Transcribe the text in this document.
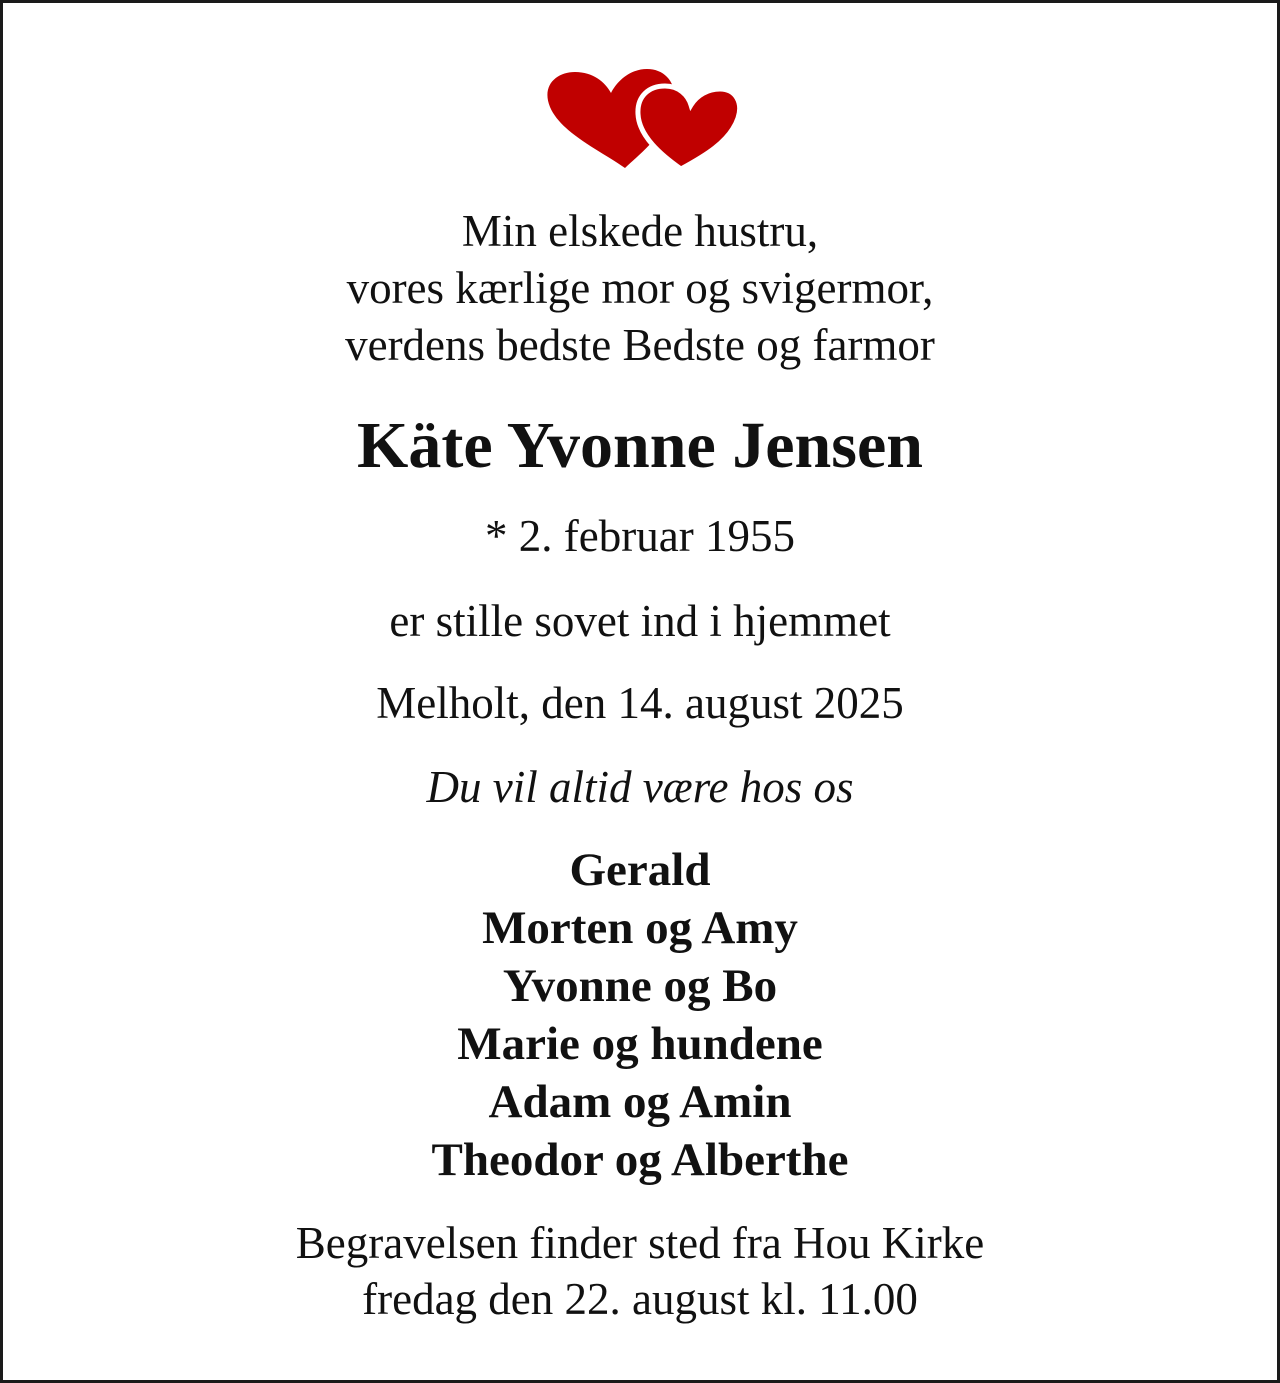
Min elskede hustru,
vores kærlige mor og svigermor,
verdens bedste Bedste og farmor
Käte Yvonne Jensen
* 2. februar 1955
er stille sovet ind i hjemmet
Melholt, den 14. august 2025
Du vil altid være hos os
Gerald
Morten og Amy
Yvonne og Bo
Marie og hundene
Adam og Amin
Theodor og Alberthe
Begravelsen finder sted fra Hou Kirke
fredag den 22. august kl. 11.00
